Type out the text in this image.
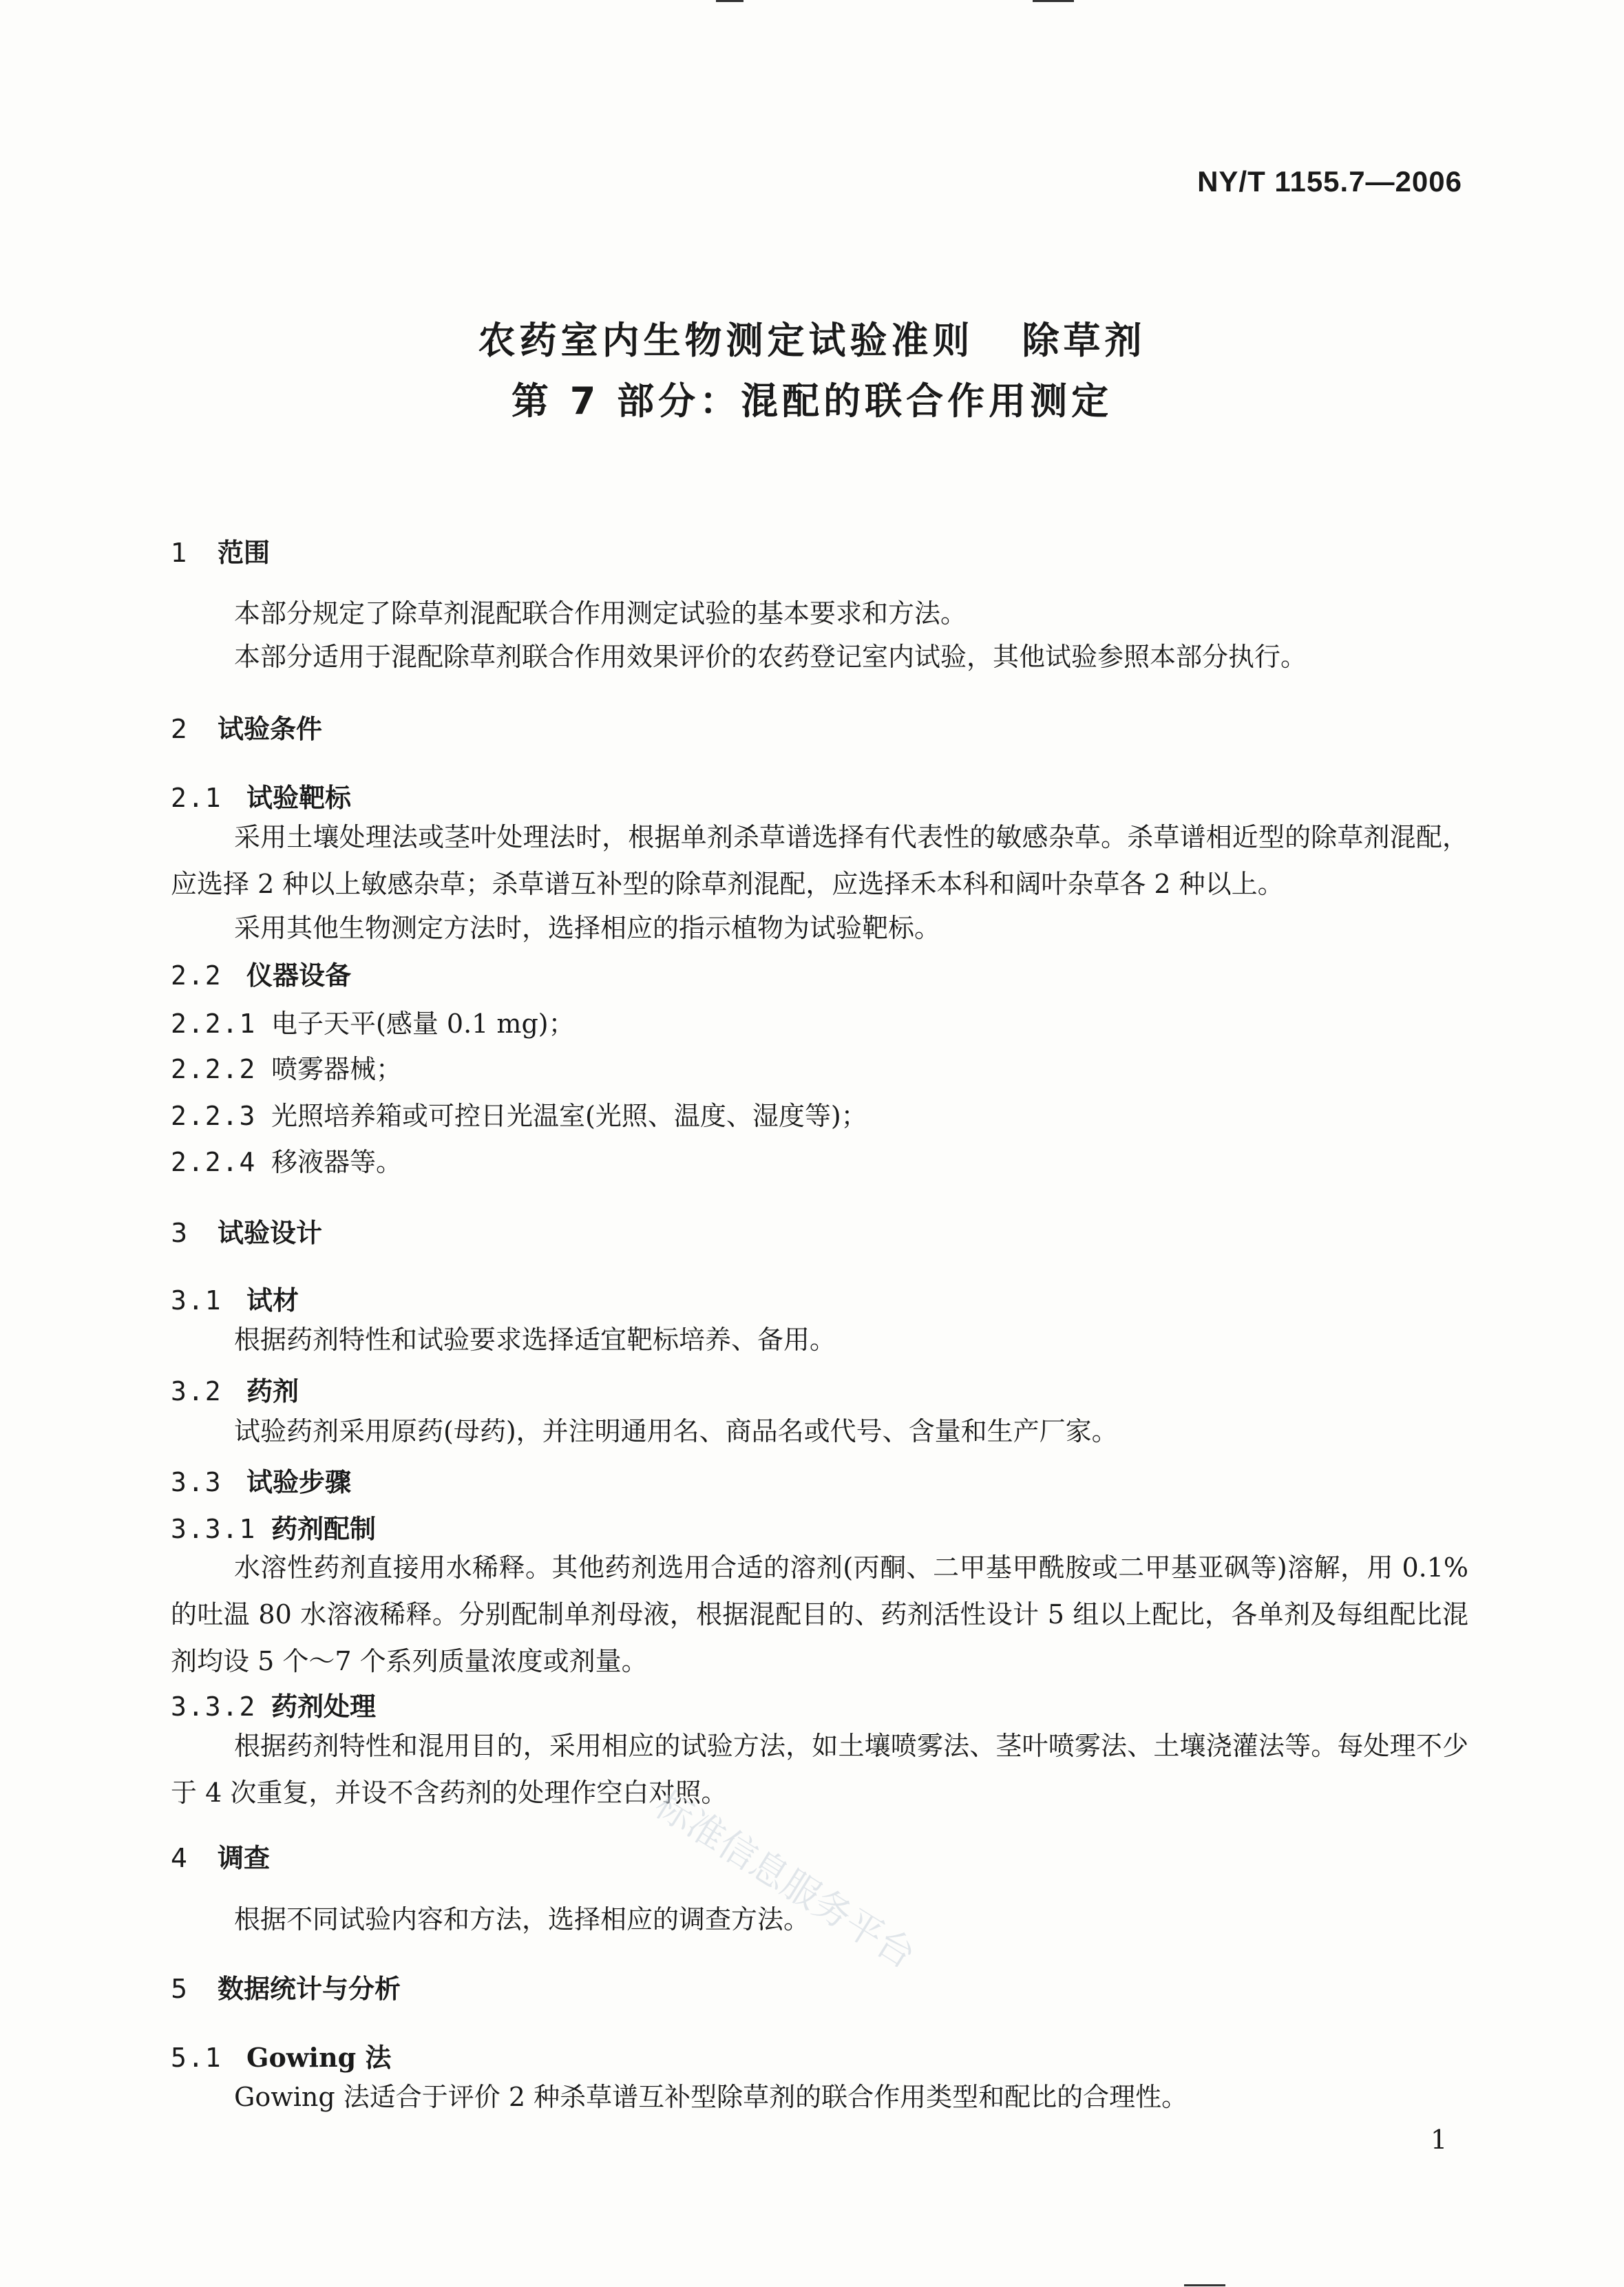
NY/T 1155.7—2006
农药室内生物测定试验准则 除草剂
第 7 部分：混配的联合作用测定
1 范围
本部分规定了除草剂混配联合作用测定试验的基本要求和方法。
本部分适用于混配除草剂联合作用效果评价的农药登记室内试验，其他试验参照本部分执行。
2 试验条件
2.1 试验靶标
采用土壤处理法或茎叶处理法时，根据单剂杀草谱选择有代表性的敏感杂草。杀草谱相近型的除草剂混配，应选择 2 种以上敏感杂草；杀草谱互补型的除草剂混配，应选择禾本科和阔叶杂草各 2 种以上。
采用其他生物测定方法时，选择相应的指示植物为试验靶标。
2.2 仪器设备
2.2.1 电子天平(感量 0.1 mg)；
2.2.2 喷雾器械；
2.2.3 光照培养箱或可控日光温室(光照、温度、湿度等)；
2.2.4 移液器等。
3 试验设计
3.1 试材
根据药剂特性和试验要求选择适宜靶标培养、备用。
3.2 药剂
试验药剂采用原药(母药)，并注明通用名、商品名或代号、含量和生产厂家。
3.3 试验步骤
3.3.1 药剂配制
水溶性药剂直接用水稀释。其他药剂选用合适的溶剂(丙酮、二甲基甲酰胺或二甲基亚砜等)溶解，用 0.1% 的吐温 80 水溶液稀释。分别配制单剂母液，根据混配目的、药剂活性设计 5 组以上配比，各单剂及每组配比混剂均设 5 个～7 个系列质量浓度或剂量。
3.3.2 药剂处理
根据药剂特性和混用目的，采用相应的试验方法，如土壤喷雾法、茎叶喷雾法、土壤浇灌法等。每处理不少于 4 次重复，并设不含药剂的处理作空白对照。
4 调查
根据不同试验内容和方法，选择相应的调查方法。
5 数据统计与分析
5.1 Gowing 法
Gowing 法适合于评价 2 种杀草谱互补型除草剂的联合作用类型和配比的合理性。
标准信息服务平台
1
